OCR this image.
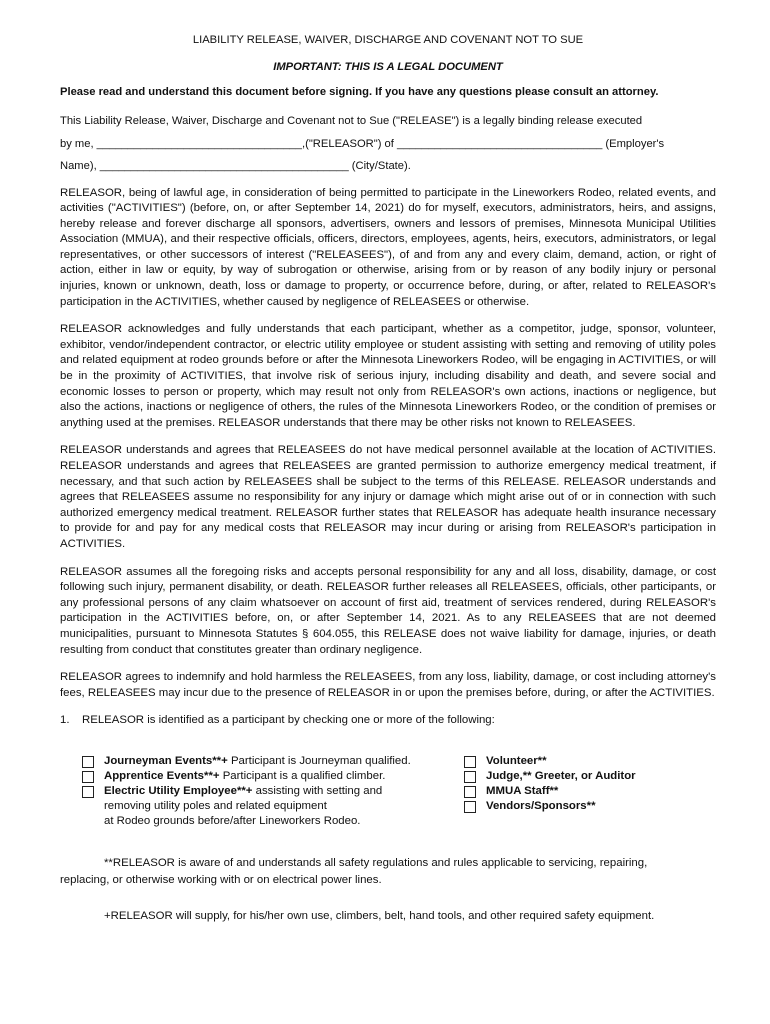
LIABILITY RELEASE, WAIVER, DISCHARGE AND COVENANT NOT TO SUE
IMPORTANT: THIS IS A LEGAL DOCUMENT
Please read and understand this document before signing. If you have any questions please consult an attorney.
This Liability Release, Waiver, Discharge and Covenant not to Sue ("RELEASE") is a legally binding release executed
by me, _________________________________,("RELEASOR") of _________________________________ (Employer's
Name), ________________________________________ (City/State).

RELEASOR, being of lawful age, in consideration of being permitted to participate in the Lineworkers Rodeo, related events, and activities ("ACTIVITIES") (before, on, or after September 14, 2021) do for myself, executors, administrators, heirs, and assigns, hereby release and forever discharge all sponsors, advertisers, owners and lessors of premises, Minnesota Municipal Utilities Association (MMUA), and their respective officials, officers, directors, employees, agents, heirs, executors, administrators, or legal representatives, or other successors of interest ("RELEASEES"), of and from any and every claim, demand, action, or right of action, either in law or equity, by way of subrogation or otherwise, arising from or by reason of any bodily injury or personal injuries, known or unknown, death, loss or damage to property, or occurrence before, during, or after, related to RELEASOR's participation in the ACTIVITIES, whether caused by negligence of RELEASEES or otherwise.

RELEASOR acknowledges and fully understands that each participant, whether as a competitor, judge, sponsor, volunteer, exhibitor, vendor/independent contractor, or electric utility employee or student assisting with setting and removing of utility poles and related equipment at rodeo grounds before or after the Minnesota Lineworkers Rodeo, will be engaging in ACTIVITIES, or will be in the proximity of ACTIVITIES, that involve risk of serious injury, including disability and death, and severe social and economic losses to person or property, which may result not only from RELEASOR's own actions, inactions or negligence, but also the actions, inactions or negligence of others, the rules of the Minnesota Lineworkers Rodeo, or the condition of premises or anything used at the premises. RELEASOR understands that there may be other risks not known to RELEASEES.

RELEASOR understands and agrees that RELEASEES do not have medical personnel available at the location of ACTIVITIES. RELEASOR understands and agrees that RELEASEES are granted permission to authorize emergency medical treatment, if necessary, and that such action by RELEASEES shall be subject to the terms of this RELEASE. RELEASOR understands and agrees that RELEASEES assume no responsibility for any injury or damage which might arise out of or in connection with such authorized emergency medical treatment. RELEASOR further states that RELEASOR has adequate health insurance necessary to provide for and pay for any medical costs that RELEASOR may incur during or arising from RELEASOR's participation in ACTIVITIES.

RELEASOR assumes all the foregoing risks and accepts personal responsibility for any and all loss, disability, damage, or cost following such injury, permanent disability, or death. RELEASOR further releases all RELEASEES, officials, other participants, or any professional persons of any claim whatsoever on account of first aid, treatment of services rendered, during RELEASOR's participation in the ACTIVITIES before, on, or after September 14, 2021. As to any RELEASEES that are not deemed municipalities, pursuant to Minnesota Statutes § 604.055, this RELEASE does not waive liability for damage, injuries, or death resulting from conduct that constitutes greater than ordinary negligence.

RELEASOR agrees to indemnify and hold harmless the RELEASEES, from any loss, liability, damage, or cost including attorney's fees, RELEASEES may incur due to the presence of RELEASOR in or upon the premises before, during, or after the ACTIVITIES.

1. RELEASOR is identified as a participant by checking one or more of the following:
Journeyman Events**+ Participant is Journeyman qualified.
Apprentice Events**+ Participant is a qualified climber.
Electric Utility Employee**+ assisting with setting and
removing utility poles and related equipment
at Rodeo grounds before/after Lineworkers Rodeo.
Volunteer**
Judge,** Greeter, or Auditor
MMUA Staff**
Vendors/Sponsors**

**RELEASOR is aware of and understands all safety regulations and rules applicable to servicing, repairing,
replacing, or otherwise working with or on electrical power lines.

+RELEASOR will supply, for his/her own use, climbers, belt, hand tools, and other required safety equipment.
